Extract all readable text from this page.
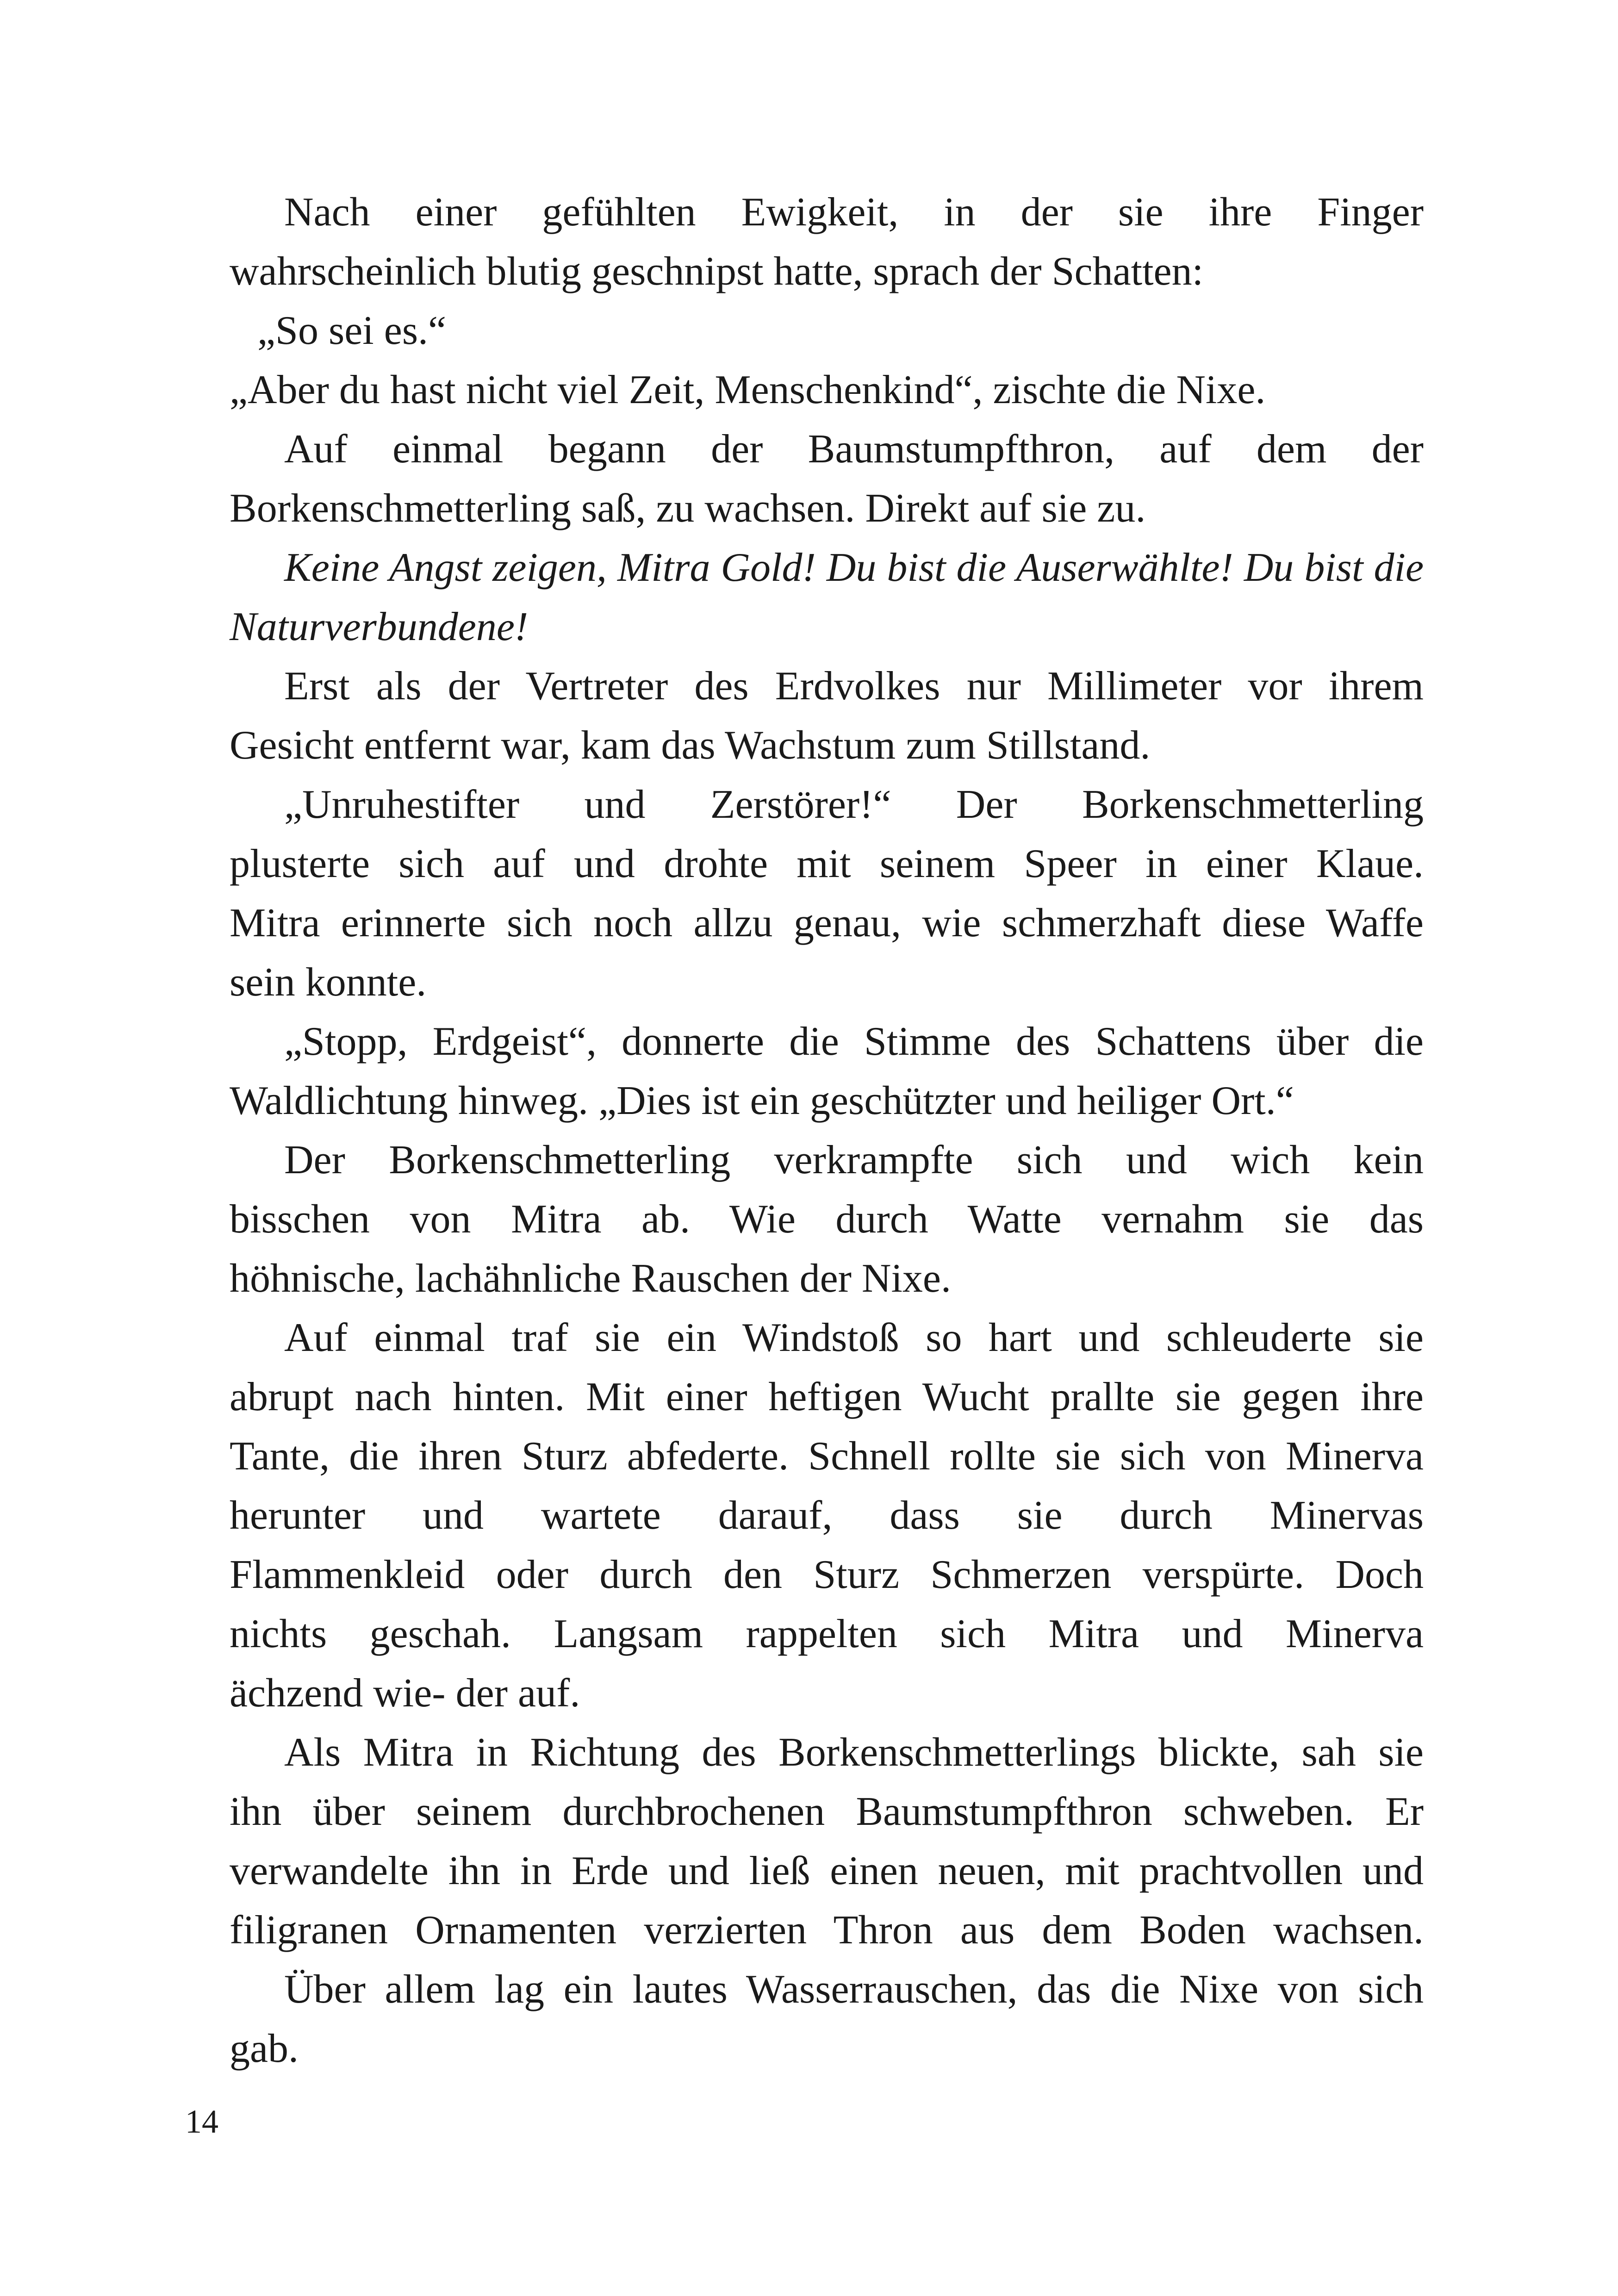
Nach einer gefühlten Ewigkeit, in der sie ihre Finger
wahrscheinlich blutig geschnipst hatte, sprach der Schatten:
„So sei es.“
„Aber du hast nicht viel Zeit, Menschenkind“, zischte die Nixe.
Auf einmal begann der Baumstumpfthron, auf dem der
Borkenschmetterling saß, zu wachsen. Direkt auf sie zu.
Keine Angst zeigen, Mitra Gold! Du bist die Auserwählte! Du bist die
Naturverbundene!
Erst als der Vertreter des Erdvolkes nur Millimeter vor ihrem
Gesicht entfernt war, kam das Wachstum zum Stillstand.
„Unruhestifter und Zerstörer!“ Der Borkenschmetterling
plusterte sich auf und drohte mit seinem Speer in einer Klaue.
Mitra erinnerte sich noch allzu genau, wie schmerzhaft diese Waffe
sein konnte.
„Stopp, Erdgeist“, donnerte die Stimme des Schattens über die
Waldlichtung hinweg. „Dies ist ein geschützter und heiliger Ort.“
Der Borkenschmetterling verkrampfte sich und wich kein
bisschen von Mitra ab. Wie durch Watte vernahm sie das
höhnische, lachähnliche Rauschen der Nixe.
Auf einmal traf sie ein Windstoß so hart und schleuderte sie
abrupt nach hinten. Mit einer heftigen Wucht prallte sie gegen ihre
Tante, die ihren Sturz abfederte. Schnell rollte sie sich von Minerva
herunter und wartete darauf, dass sie durch Minervas
Flammenkleid oder durch den Sturz Schmerzen verspürte. Doch
nichts geschah. Langsam rappelten sich Mitra und Minerva
ächzend wie- der auf.
Als Mitra in Richtung des Borkenschmetterlings blickte, sah sie
ihn über seinem durchbrochenen Baumstumpfthron schweben. Er
verwandelte ihn in Erde und ließ einen neuen, mit prachtvollen und
filigranen Ornamenten verzierten Thron aus dem Boden wachsen.
Über allem lag ein lautes Wasserrauschen, das die Nixe von sich
gab.
14
